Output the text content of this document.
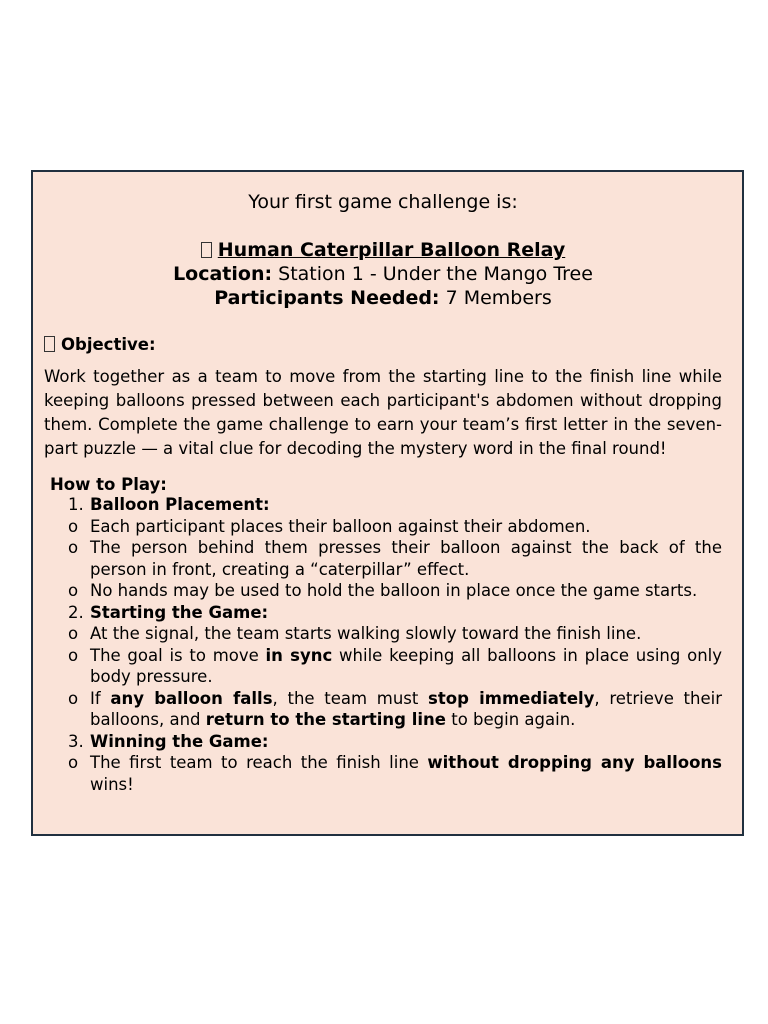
Your first game challenge is:
Human Caterpillar Balloon Relay
Location: Station 1 - Under the Mango Tree
Participants Needed: 7 Members
Objective:
Work together as a team to move from the starting line to the finish line while keeping balloons pressed between each participant's abdomen without dropping them. Complete the game challenge to earn your team’s first letter in the seven-part puzzle — a vital clue for decoding the mystery word in the final round!
How to Play:
1. Balloon Placement:
o Each participant places their balloon against their abdomen.
o The person behind them presses their balloon against the back of the person in front, creating a “caterpillar” effect.
o No hands may be used to hold the balloon in place once the game starts.
2. Starting the Game:
o At the signal, the team starts walking slowly toward the finish line.
o The goal is to move in sync while keeping all balloons in place using only body pressure.
o If any balloon falls, the team must stop immediately, retrieve their balloons, and return to the starting line to begin again.
3. Winning the Game:
o The first team to reach the finish line without dropping any balloons wins!
